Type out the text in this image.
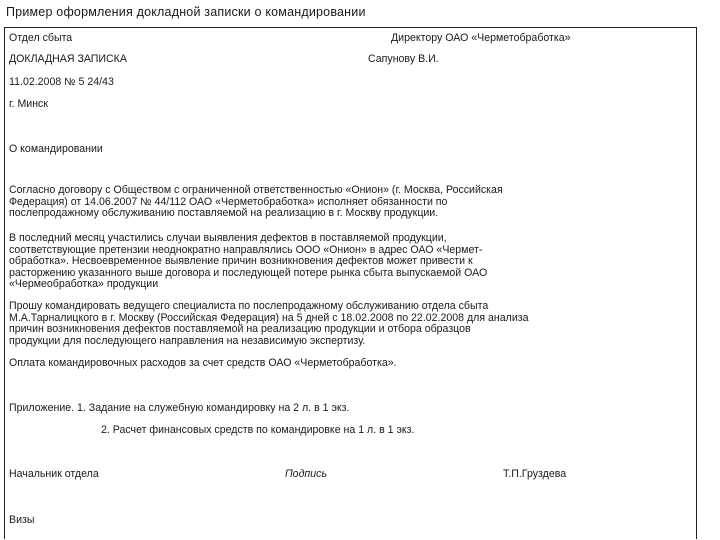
Пример оформления докладной записки о командировании
Отдел сбыта	Директору ОАО «Черметобработка»
ДОКЛАДНАЯ ЗАПИСКА	Сапунову В.И.
11.02.2008 № 5 24/43
г. Минск
О командировании
Согласно договору с Обществом с ограниченной ответственностью «Онион» (г. Москва, Российская
Федерация) от 14.06.2007 № 44/112 ОАО «Черметобработка» исполняет обязанности по
послепродажному обслуживанию поставляемой на реализацию в г. Москву продукции.
В последний месяц участились случаи выявления дефектов в поставляемой продукции,
соответствующие претензии неоднократно направлялись ООО «Онион» в адрес ОАО «Чермет-
обработка». Несвоевременное выявление причин возникновения дефектов может привести к
расторжению указанного выше договора и последующей потере рынка сбыта выпускаемой ОАО
«Чермеобработка» продукции
Прошу командировать ведущего специалиста по послепродажному обслуживанию отдела сбыта
М.А.Тарналицкого в г. Москву (Российская Федерация) на 5 дней с 18.02.2008 по 22.02.2008 для анализа
причин возникновения дефектов поставляемой на реализацию продукции и отбора образцов
продукции для последующего направления на независимую экспертизу.
Оплата командировочных расходов за счет средств ОАО «Черметобработка».
Приложение. 1. Задание на служебную командировку на 2 л. в 1 экз.
2. Расчет финансовых средств по командировке на 1 л. в 1 экз.
Начальник отдела	Подпись	Т.П.Груздева
Визы
